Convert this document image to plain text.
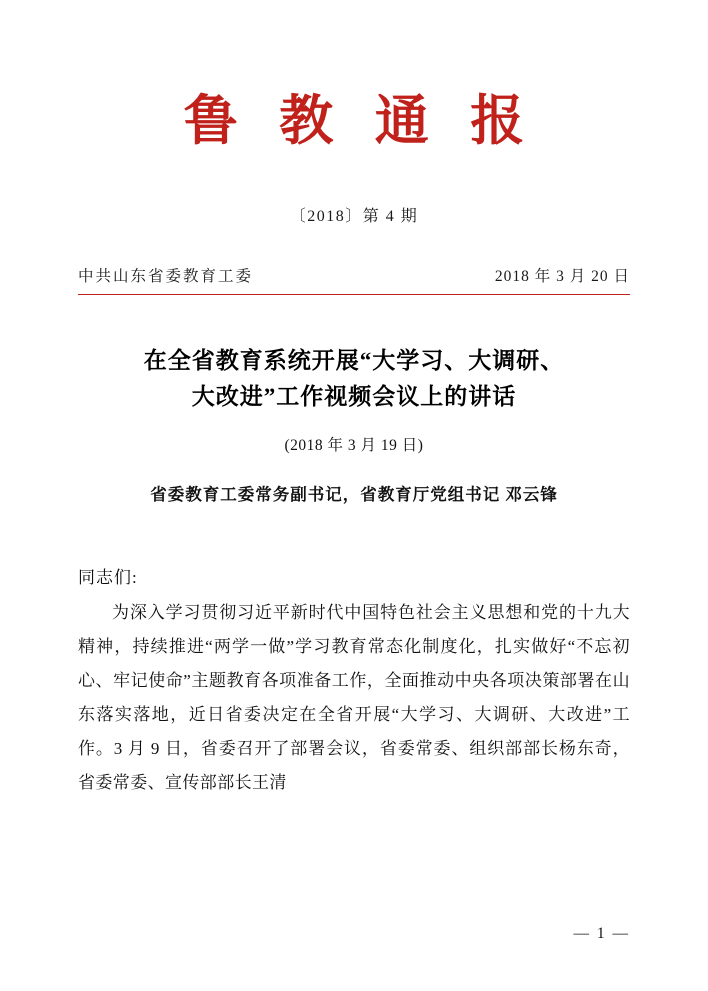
鲁 教 通 报
〔2018〕第 4 期
中共山东省委教育工委	2018 年 3 月 20 日
在全省教育系统开展“大学习、大调研、
大改进”工作视频会议上的讲话
(2018 年 3 月 19 日)
省委教育工委常务副书记，省教育厅党组书记 邓云锋
同志们:

为深入学习贯彻习近平新时代中国特色社会主义思想和党的十九大精神，持续推进“两学一做”学习教育常态化制度化，扎实做好“不忘初心、牢记使命”主题教育各项准备工作，全面推动中央各项决策部署在山东落实落地，近日省委决定在全省开展“大学习、大调研、大改进”工作。3 月 9 日，省委召开了部署会议，省委常委、组织部部长杨东奇，省委常委、宣传部部长王清

— 1 —
